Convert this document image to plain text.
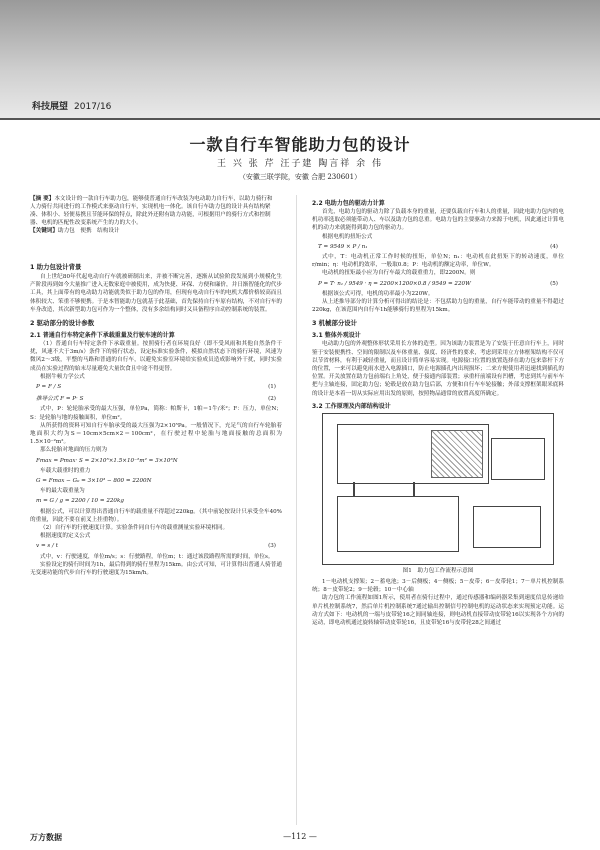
科技展望 2017/16
一款自行车智能助力包的设计
王 兴 张 芹 汪子建 陶言祥 余 伟
（安徽三联学院，安徽 合肥 230601）
【摘 要】本文设计的一款自行车助力包，能够使普通自行车改装为电动助力自行车，以助力骑行和人力骑行共同进行的工作模式来驱动自行车，实现机电一体化。该自行车助力包的设计具有结构紧凑、体积小、轻便易携且节能环保的特点，除此外还附有助力功能，可根据用户的骑行方式和控制器、电机的匹配性改变系统产生的力的大小。
【关键词】助力包　便携　结构设计
1 助力包设计背景

自上世纪80年代起电动自行车就被研制出来，并被不断完善，逐渐从试验阶段发展到小规模化生产阶段再到如今大量推广进入无数家庭中被使用，成为快捷、环保、方便和廉价，并日渐智能化的代步工具，其上面带有的电动助力功能就类似于助力包的作用，但现有电动自行车的电机大都价格较高而且体积较大、笨重不够便携。于是本智能助力包就基于此基础，首先保持自行车原有结构，不对自行车的车身改造，其次新型助力包可作为一个整体，没有多余结构同时又具备程序自动控制系统的装置。

2 驱动部分的设计参数
2.1 普通自行车特定条件下承载重量及行驶车速的计算

（1）普通自行车特定条件下承载重量。按照骑行者在环境良好（即不受风雨和其他自然条件干扰，风速不大于3m/s）条件下的骑行状态，设定标准实验条件，模拟自然状态下的骑行环境，风速为微风2～3级，平整的马路和普通的自行车，以避免实验室环境给实验成员造成影响外干扰，同时实验成员在实验过程的始末尽量避免大量饮食且中途不得更替。

根据牛顿力学公式

P = F / S	(1)
推导公式 F = P· S	(2)

式中，P：轮轮胎承受的最大压强，单位Pa，简称：帕斯卡，1帕＝1牛/米²；F：压力，单位N；S：是轮胎与地的接触面积，单位m²。

从所获得的资料可知自行车胎承受的最大压强为2×10⁵Pa。一般情况下，充足气的自行车轮胎着地面积大约为S＝10cm×5cm×2＝100cm²，在行驶过程中轮胎与地面接触的总面积为1.5×10⁻²m²。

那么轮胎对地面的压力则为

Fmax = Pmax· S = 2×10⁵×1.5×10⁻²m² = 3×10³N

车载大载重时的重力

G = Fmax − G₀ = 3×10³ − 800 = 2200N

车的最大载重量为

m = G / g = 2200 / 10 = 220kg

根据公式，可以计算得出普通自行车的载重量不得超过220kg。（其中前轮按设计只承受全车40%的重量，因此不要在前叉上挂重物）。

（2）自行车的行驶速度计算。实验条件同自行车的载重测量实验环境相同。

根据速度的定义公式

v = s / t	(3)

式中，v：行驶速度，单位m/s；s：行驶路程，单位m；t：通过该段路程所需的时间，单位s。

实验设定的骑行时间为1h，最后得到的骑行里程为15km。由公式可知，可计算得出普通人骑普通无变速功能的代步自行车的行驶速度为15km/h。

2.2 电助力包的驱动力计算

首先，电助力包的驱动力除了负载本身的重量，还要负载自行车和人的重量，因此电助力包内的电机功率选取必须能带动人、车以及助力包的总重。电助力包的主要驱动力来源于电机，因此通过计算电机的动力来就能得到助力包的驱动力。

根据电机的扭矩公式

T = 9549 × P / n₁	(4)

式中，T：电动机正常工作时候的扭矩，单位N；n₁：电动机在此扭矩下的转动速度，单位r/min；η：电动机的效率，一般取0.8；P：电动机的额定功率，单位W。

电动机的扭矩最小应为自行车最大的载重重力，即2200N。则

P = T· n₁ / 9549 · η = 2200×1200×0.8 / 9549 = 220W	(5)

根据该公式可得，电机的功率最小为220W。

从上述推导部分的计算分析可得出的结论是：不包括助力包的重量，自行车能带动的重量不得超过220kg，在该范围内自行车1h能够骑行的里程为15km。

3 机械部分设计
3.1 整体外观设计

电动助力包的外观整体形状采用长方体的造型。因为该助力装置是为了安装于任意自行车上，同时鉴于安装便携性、空间的限制以及车体重量、强度、经济性的要求，考虑到采用立方体框架结构不仅可以节省材料，有利于减轻重量，而且设计简单容易实现。电源接口位置的放置选择在助力包来靠杆下方的位置，一来可以避免雨水进入电源插口，防止电源插孔内出现损坏；二来方便使用者迅速找到插孔的位置。开关放置在助力包前端右上角处，便于接通内部装置；承重杆前端设有凹槽，考虑到其与前车车把与主轴连接，固定助力包；轮毂是放在助力包后部，方便和自行车车轮接触；外部支撑框架眼米底料的设计是本着一切从实际应用出发的原则，按照物品通常的放置高度所确定。

3.2 工作原理及内部结构设计
图1　助力包工作流程示意图

1－电动机支撑架；2－蓄电池；3－后侧板；4－侧板；5－皮带；6－皮带轮1；7－单片机控制系统；8－皮带轮2；9－轮毂；10－中心轴

助力包的工作流程如图1所示，使用者在骑行过程中，通过传感器和编码器采集到速度信息传递给单片机控制系统7，然后单片机控制系统7通过输出控制信号控制电机的运动状态来实现预定功能。运动方式如下：电动机的一端与皮带轮16之间同轴连接，则电动机直接带动皮带轮16以实现各个方向的运动，即电动机通过旋转轴带动皮带轮16，且皮带轮16与皮带轮28之间通过

万方数据	—112 —
